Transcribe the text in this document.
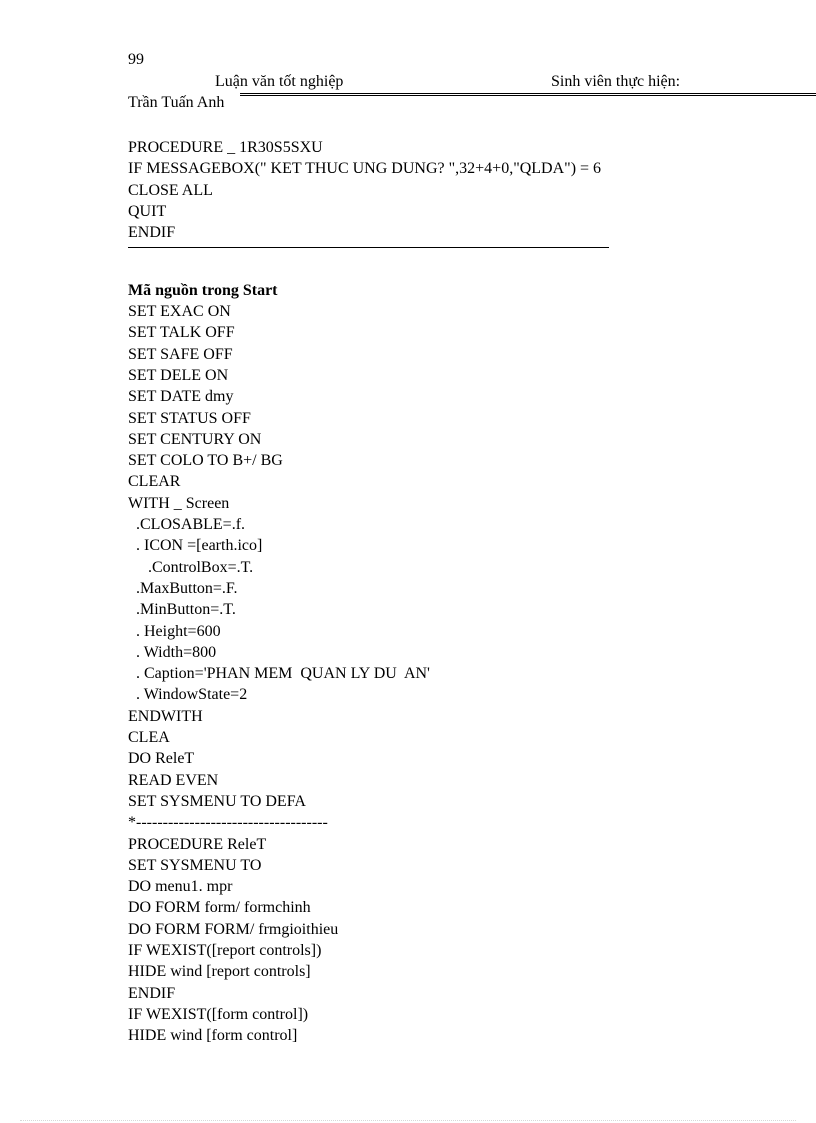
99
Luận văn tốt nghiệp	Sinh viên thực hiện:
Trần Tuấn Anh
PROCEDURE _ 1R30S5SXU
IF MESSAGEBOX(" KET THUC UNG DUNG? ",32+4+0,"QLDA") = 6
CLOSE ALL
QUIT
ENDIF
Mã nguồn trong Start
SET EXAC ON
SET TALK OFF
SET SAFE OFF
SET DELE ON
SET DATE dmy
SET STATUS OFF
SET CENTURY ON
SET COLO TO B+/ BG
CLEAR
WITH _ Screen
.CLOSABLE=.f.
. ICON =[earth.ico]
.ControlBox=.T.
.MaxButton=.F.
.MinButton=.T.
. Height=600
. Width=800
. Caption='PHAN MEM  QUAN LY DU  AN'
. WindowState=2
ENDWITH
CLEA
DO ReleT
READ EVEN
SET SYSMENU TO DEFA
*------------------------------------
PROCEDURE ReleT
SET SYSMENU TO
DO menu1. mpr
DO FORM form/ formchinh
DO FORM FORM/ frmgioithieu
IF WEXIST([report controls])
HIDE wind [report controls]
ENDIF
IF WEXIST([form control])
HIDE wind [form control]
